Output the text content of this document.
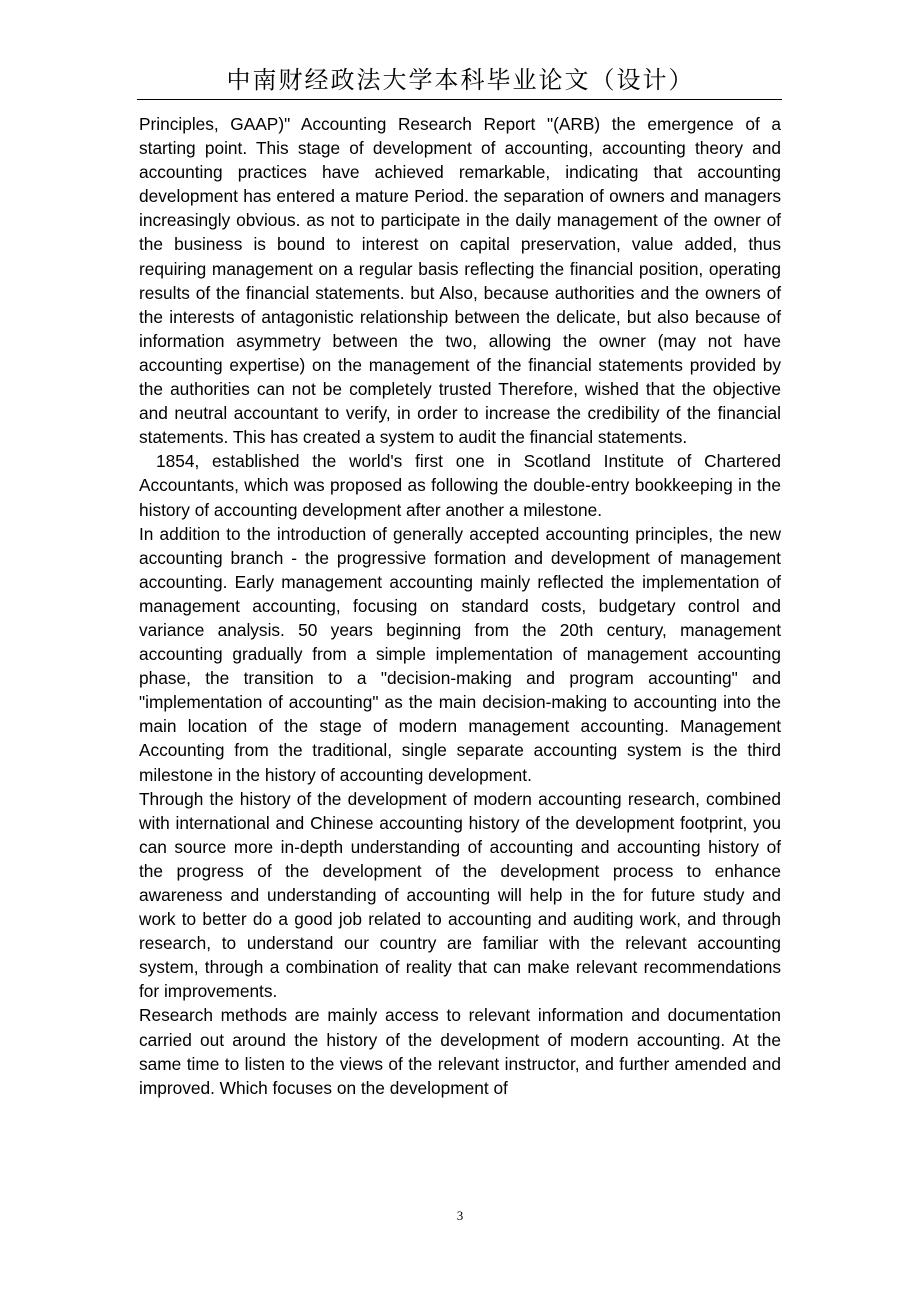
中南财经政法大学本科毕业论文（设计）

Principles, GAAP)" Accounting Research Report "(ARB) the emergence of a starting point. This stage of development of accounting, accounting theory and accounting practices have achieved remarkable, indicating that accounting development has entered a mature Period. the separation of owners and managers increasingly obvious. as not to participate in the daily management of the owner of the business is bound to interest on capital preservation, value added, thus requiring management on a regular basis reflecting the financial position, operating results of the financial statements. but Also, because authorities and the owners of the interests of antagonistic relationship between the delicate, but also because of information asymmetry between the two, allowing the owner (may not have accounting expertise) on the management of the financial statements provided by the authorities can not be completely trusted Therefore, wished that the objective and neutral accountant to verify, in order to increase the credibility of the financial statements. This has created a system to audit the financial statements.

1854, established the world's first one in Scotland Institute of Chartered Accountants, which was proposed as following the double-entry bookkeeping in the history of accounting development after another a milestone.

In addition to the introduction of generally accepted accounting principles, the new accounting branch - the progressive formation and development of management accounting. Early management accounting mainly reflected the implementation of management accounting, focusing on standard costs, budgetary control and variance analysis. 50 years beginning from the 20th century, management accounting gradually from a simple implementation of management accounting phase, the transition to a "decision-making and program accounting" and "implementation of accounting" as the main decision-making to accounting into the main location of the stage of modern management accounting. Management Accounting from the traditional, single separate accounting system is the third milestone in the history of accounting development.

Through the history of the development of modern accounting research, combined with international and Chinese accounting history of the development footprint, you can source more in-depth understanding of accounting and accounting history of the progress of the development of the development process to enhance awareness and understanding of accounting will help in the for future study and work to better do a good job related to accounting and auditing work, and through research, to understand our country are familiar with the relevant accounting system, through a combination of reality that can make relevant recommendations for improvements.

Research methods are mainly access to relevant information and documentation carried out around the history of the development of modern accounting. At the same time to listen to the views of the relevant instructor, and further amended and improved. Which focuses on the development of

3
